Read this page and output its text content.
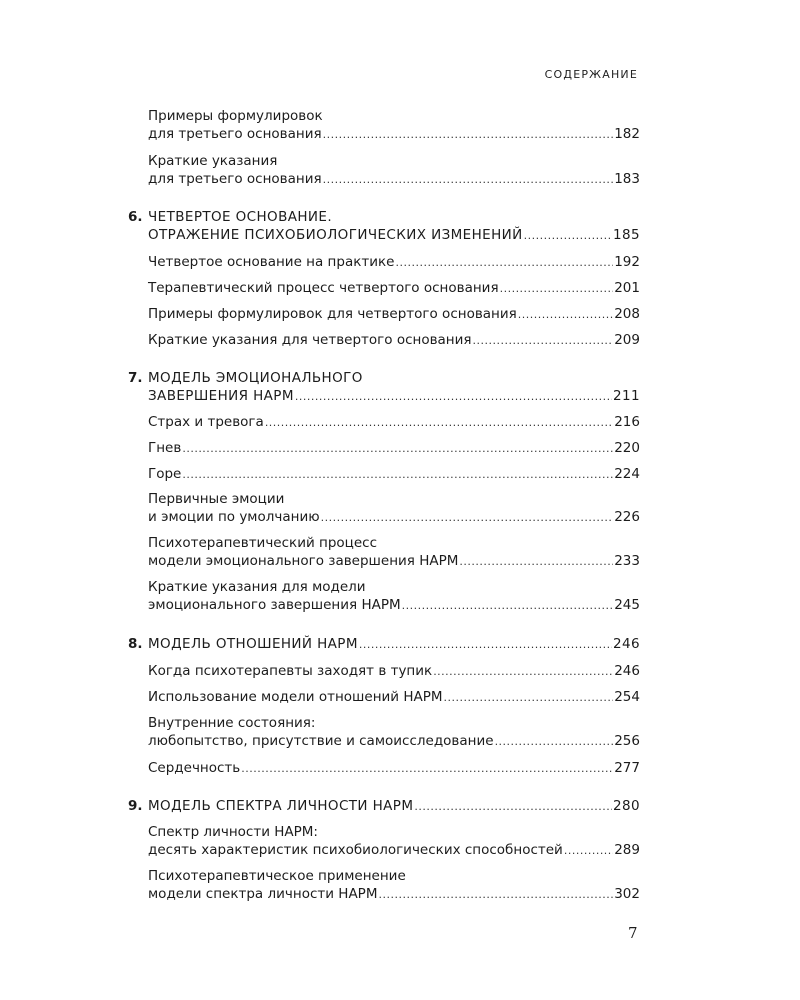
СОДЕРЖАНИЕ
Примеры формулировок
для третьего основания .....	182
Краткие указания
для третьего основания .....	183
6. ЧЕТВЕРТОЕ ОСНОВАНИЕ.
ОТРАЖЕНИЕ ПСИХОБИОЛОГИЧЕСКИХ ИЗМЕНЕНИЙ .....	185
Четвертое основание на практике .....	192
Терапевтический процесс четвертого основания .....	201
Примеры формулировок для четвертого основания .....	208
Краткие указания для четвертого основания .....	209
7. МОДЕЛЬ ЭМОЦИОНАЛЬНОГО
ЗАВЕРШЕНИЯ НАРМ .....	211
Страх и тревога .....	216
Гнев .....	220
Горе .....	224
Первичные эмоции
и эмоции по умолчанию .....	226
Психотерапевтический процесс
модели эмоционального завершения НАРМ .....	233
Краткие указания для модели
эмоционального завершения НАРМ .....	245
8. МОДЕЛЬ ОТНОШЕНИЙ НАРМ .....	246
Когда психотерапевты заходят в тупик .....	246
Использование модели отношений НАРМ .....	254
Внутренние состояния:
любопытство, присутствие и самоисследование .....	256
Сердечность .....	277
9. МОДЕЛЬ СПЕКТРА ЛИЧНОСТИ НАРМ .....	280
Спектр личности НАРМ:
десять характеристик психобиологических способностей .....	289
Психотерапевтическое применение
модели спектра личности НАРМ .....	302
7
